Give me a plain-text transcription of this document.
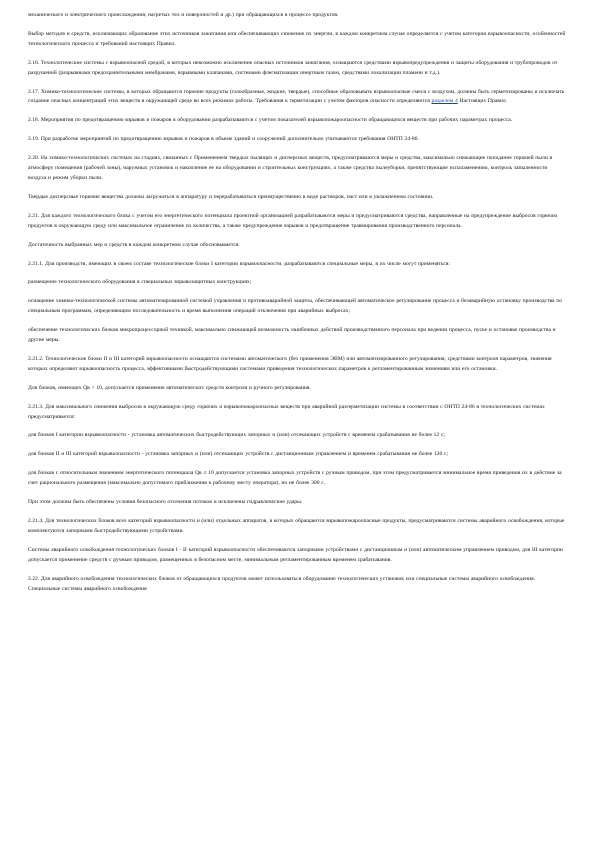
механического и электрического происхождения, нагретых тел и поверхностей и др.) при обращающихся в процессе продуктов.

Выбор методов и средств, исключающих образование этих источников зажигания или обеспечивающих снижение их энергии, в каждом конкретном случае определяется с учетом категории взрывоопасности, особенностей технологического процесса и требований настоящих Правил.

2.16. Технологические системы с взрывоопасной средой, в которых невозможно исключение опасных источников зажигания, оснащаются средствами взрывопредупреждения и защиты оборудования и трубопроводов от разрушений (разрывными предохранительными мембранами, взрывными клапанами, системами флегматизации инертным газом, средствами локализации пламени и т.д.).

2.17. Химико-технологические системы, в которых обращаются горючие продукты (газообразные, жидкие, твердые), способные образовывать взрывоопасные смеси с воздухом, должны быть герметизированы и исключать создание опасных концентраций этих веществ в окружающей среде во всех режимах работы. Требования к герметизации с учетом факторов опасности определяются разделом 4 Настоящих Правил.

2.18. Мероприятия по предотвращению взрывов и пожаров в оборудовании разрабатываются с учетом показателей взрывопожароопасности обращающихся веществ при рабочих параметрах процесса.

2.19. При разработке мероприятий по предотвращению взрывов и пожаров в объеме зданий и сооружений дополнительно учитываются требования ОНТП 24-86.

2.20. На химико-технологических системах на стадиях, связанных с Применением твердых пылящих и дисперсных веществ, предусматриваются меры и средства, максимально снижающие попадание горючей пыли в атмосферу помещения (рабочей зоны), наружных установок и накопление ее на оборудовании и строительных конструкциях, а также средства пылеуборки, препятствующие испаламенению, контроль запыленности воздуха и режим уборки пыли.

Твердые дисперсные горючие вещества должны загружаться в аппаратуру и перерабатываться преимущественно в виде растворов, паст или в увлажненном состоянии.

2.21. Для каждого технологического блока с учетом его энергетического потенциала проектной организацией разрабатываются меры и предусматриваются средства, направленные на предупреждение выбросов горючих продуктов в окружающую среду или максимальное ограничение их количества, а также предупреждение взрывов и предотвращение травмирования производственного персонала.

Достаточность выбранных мер и средств в каждом конкретном случае обосновывается.

2.21.1. Для производств, имеющих в своем составе технологические блоки I категории взрывоопасности, разрабатываются специальные меры, в их числе могут применяться:

размещение технологического оборудования в специальных взрывозащитных конструкциях;

оснащение химико-технологической системы автоматизированной системой управления и противоаварийной защиты, обеспечивающей автоматическое регулирование процесса и безаварийную остановку производства по специальным программам, определяющим последовательность и время выполнения операций отключения при аварийных выбросах;

обеспечение технологических блоков микропроцессорной техникой, максимально снижающей возможность ошибочных действий производственного персонала при ведении процесса, пуске и остановке производства и другие меры.

2.21.2. Технологические блоки II и III категорий взрывоопасности оснащаются системами автоматического (без применения ЭВМ) или автоматизированного регулирования, средствами контроля параметров, значения которых определяют взрывоопасность процесса, эффективными быстродействующими системами приведения технологических параметров к регламентированным значениям или его остановки.

Для блоков, имеющих Qв < 10, допускается применение автоматических средств контроля и ручного регулирования.

2.21.3. Для максимального снижения выбросов в окружающую среду горючих и взрывопожароопасных веществ при аварийной разгерметизации системы в соответствии с ОНТП 24-86 в технологических системах предусматривается:

для блоков I категории взрывоопасности - установка автоматических быстродействующих запорных и (или) отсекающих устройств с временем срабатывания не более 12 с;

для блоков II и III категорий взрывоопасности - установка запорных и (или) отсекающих устройств с дистанционным управлением и временем срабатывания не более 120 с;

для блоков с относительным значением энергетического потенциала Qв ≤ 10 допускается установка запорных устройств с ручным приводом, при этом предусматривается минимальное время приведения их в действие за счет рационального размещения (максимально допустимого приближения к рабочему месту оператора), но не более 300 с.

При этом должны быть обеспечены условия безопасного отсечения потоков и исключены гидравлические удары.

2.21.4. Для технологических блоков всех категорий взрывоопасности и (или) отдельных аппаратов, в которых обращаются взрывопожароопасные продукты, предусматриваются системы аварийного освобождения, которые комплектуются запорными быстродействующими устройствами.

Системы аварийного освобождения технологических блоков I - II категорий взрывоопасности обеспечиваются запорными устройствами с дистанционным и (или) автоматическим управлением приводом, для III категории допускается применение средств с ручным приводом, размещенных в безопасном месте, минимальным регламентированным временем срабатывания.

2.22. Для аварийного освобождения технологических блоков от обращающихся продуктов может использоваться оборудование технологических установок или специальные системы аварийного освобождения. Специальные системы аварийного освобождения
